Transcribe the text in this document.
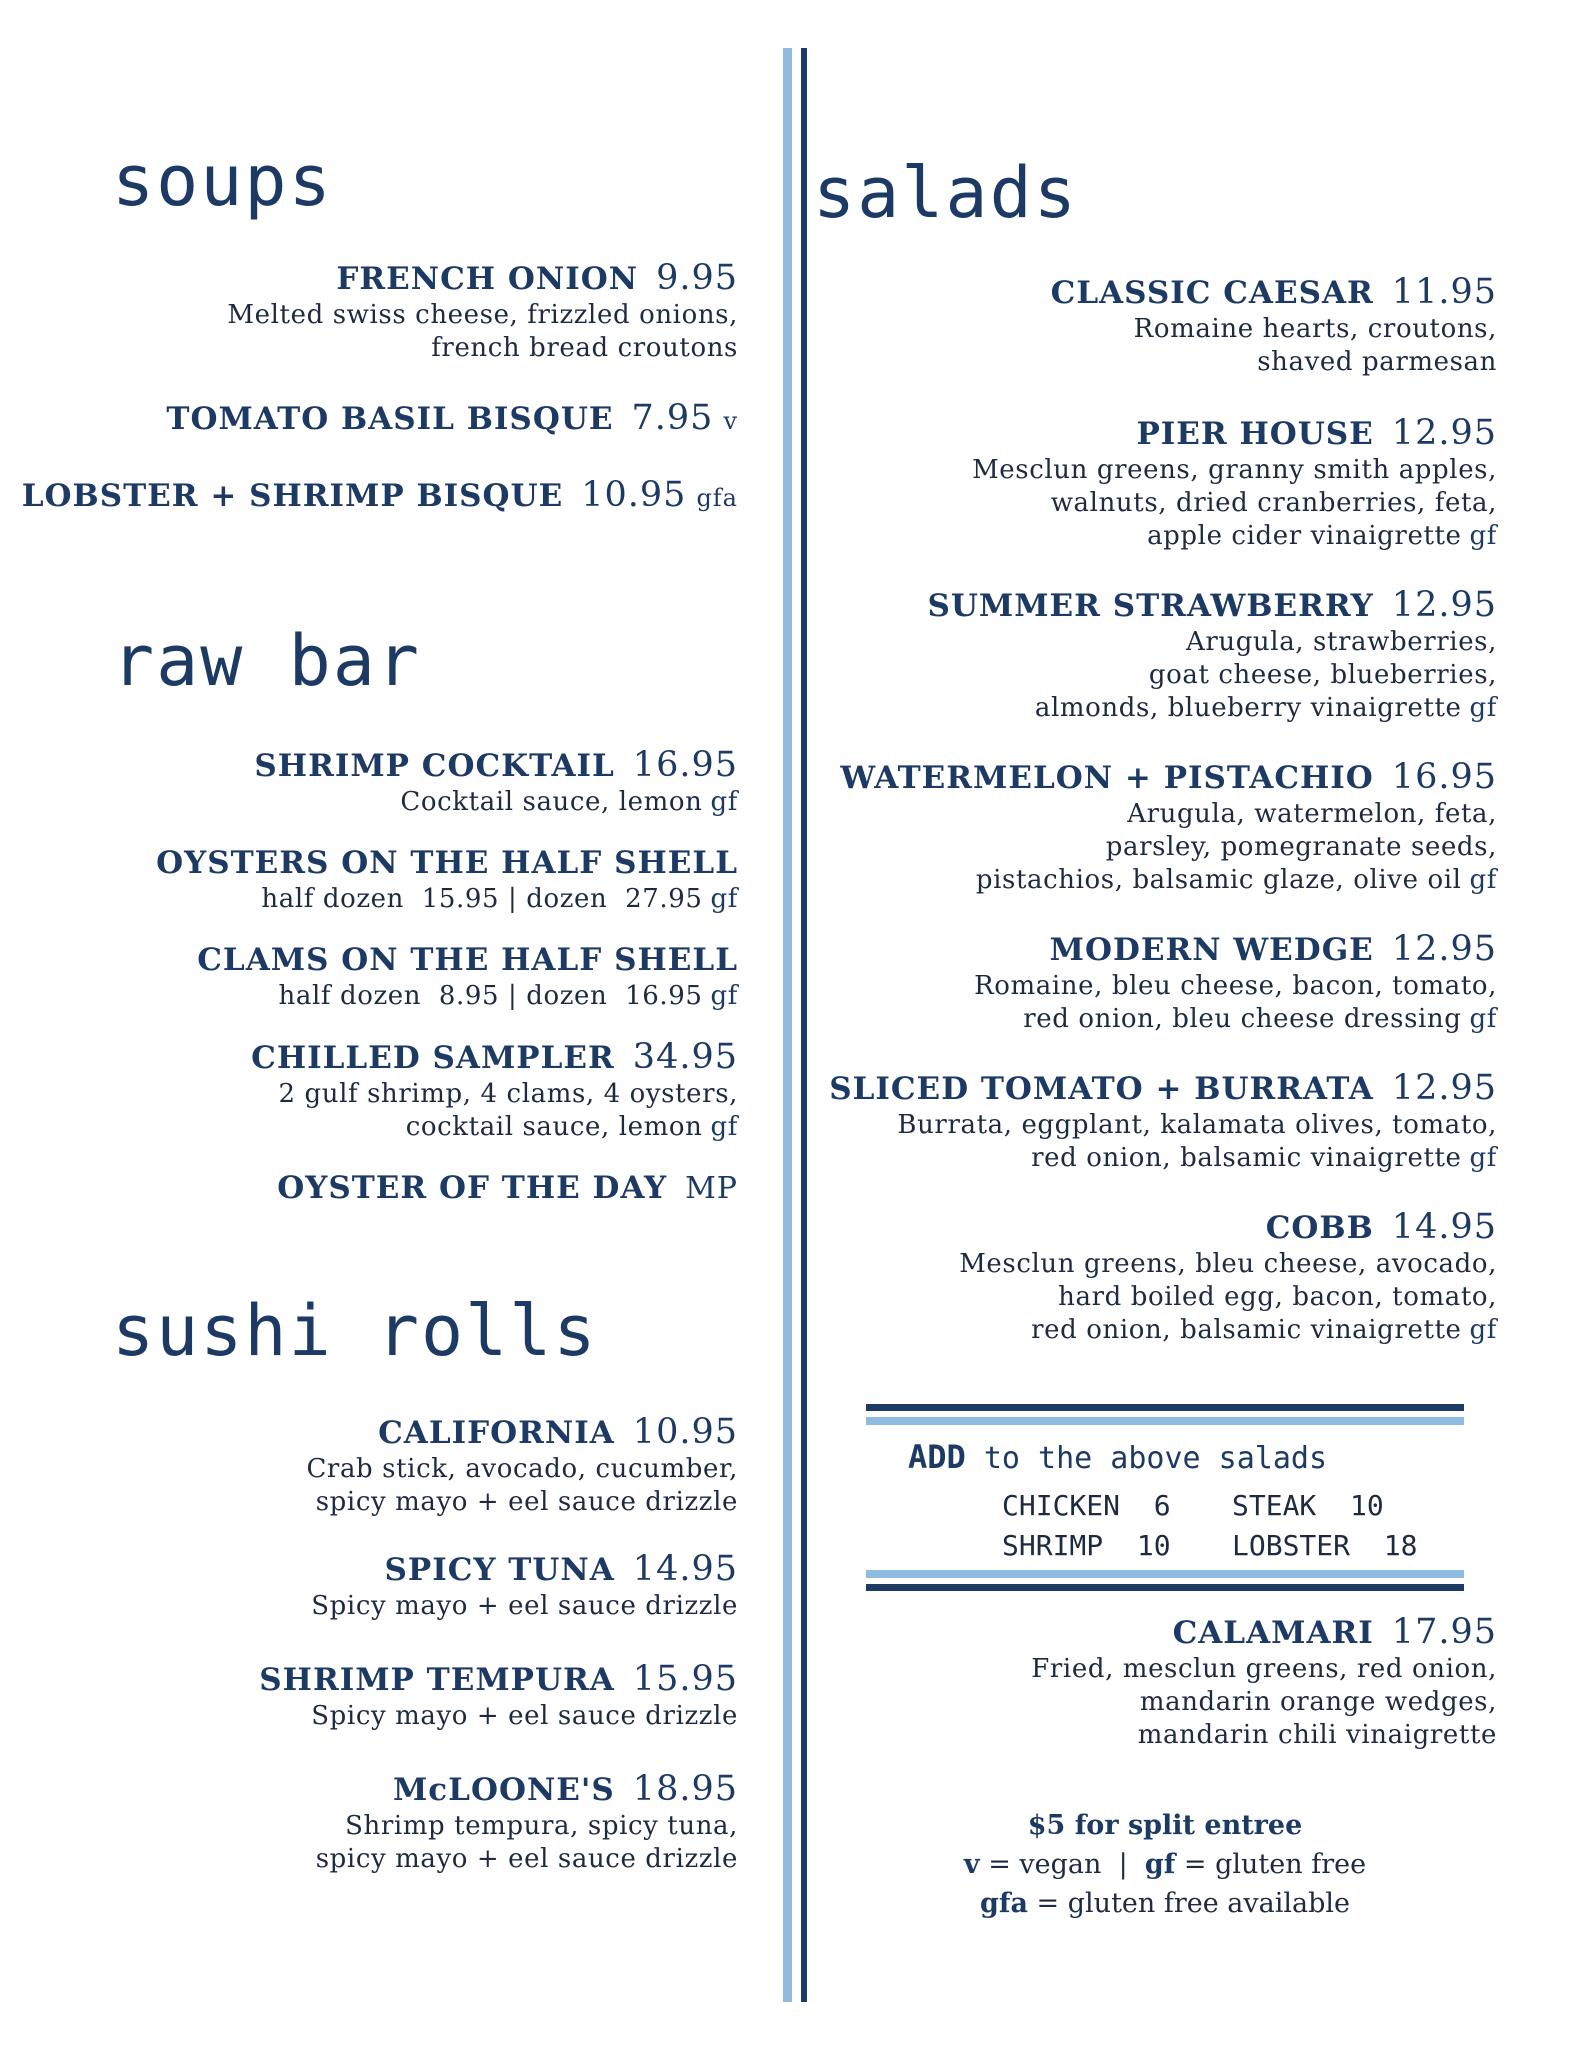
soups
FRENCH ONION 9.95
Melted swiss cheese, frizzled onions,
french bread croutons
TOMATO BASIL BISQUE 7.95 v
LOBSTER + SHRIMP BISQUE 10.95 gfa
raw bar
SHRIMP COCKTAIL 16.95
Cocktail sauce, lemon gf
OYSTERS ON THE HALF SHELL
half dozen  15.95 | dozen  27.95 gf
CLAMS ON THE HALF SHELL
half dozen  8.95 | dozen  16.95 gf
CHILLED SAMPLER 34.95
2 gulf shrimp, 4 clams, 4 oysters,
cocktail sauce, lemon gf
OYSTER OF THE DAY MP
sushi rolls
CALIFORNIA 10.95
Crab stick, avocado, cucumber,
spicy mayo + eel sauce drizzle
SPICY TUNA 14.95
Spicy mayo + eel sauce drizzle
SHRIMP TEMPURA 15.95
Spicy mayo + eel sauce drizzle
McLOONE'S 18.95
Shrimp tempura, spicy tuna,
spicy mayo + eel sauce drizzle
salads
CLASSIC CAESAR 11.95
Romaine hearts, croutons,
shaved parmesan
PIER HOUSE 12.95
Mesclun greens, granny smith apples,
walnuts, dried cranberries, feta,
apple cider vinaigrette gf
SUMMER STRAWBERRY 12.95
Arugula, strawberries,
goat cheese, blueberries,
almonds, blueberry vinaigrette gf
WATERMELON + PISTACHIO 16.95
Arugula, watermelon, feta,
parsley, pomegranate seeds,
pistachios, balsamic glaze, olive oil gf
MODERN WEDGE 12.95
Romaine, bleu cheese, bacon, tomato,
red onion, bleu cheese dressing gf
SLICED TOMATO + BURRATA 12.95
Burrata, eggplant, kalamata olives, tomato,
red onion, balsamic vinaigrette gf
COBB 14.95
Mesclun greens, bleu cheese, avocado,
hard boiled egg, bacon, tomato,
red onion, balsamic vinaigrette gf
ADD to the above salads
CHICKEN  6	STEAK  10
SHRIMP  10	LOBSTER  18
CALAMARI 17.95
Fried, mesclun greens, red onion,
mandarin orange wedges,
mandarin chili vinaigrette
$5 for split entree
v = vegan  |  gf = gluten free
gfa = gluten free available
